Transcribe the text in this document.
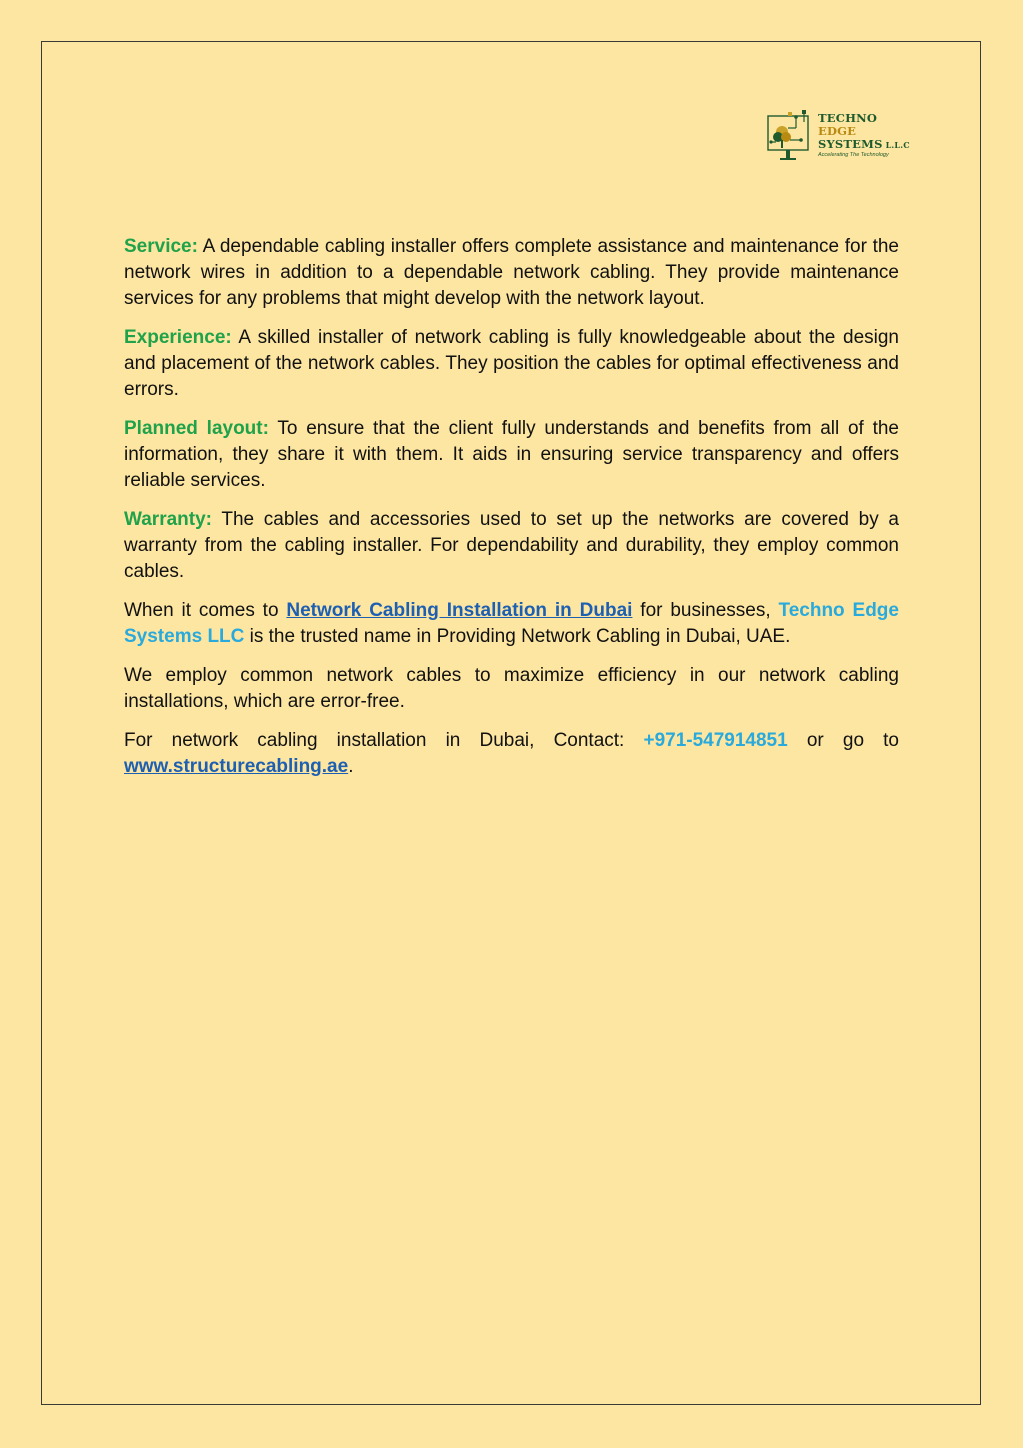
TECHNO
EDGE
SYSTEMS L.L.C
Accelerating The Technology

Service: A dependable cabling installer offers complete assistance and maintenance for the network wires in addition to a dependable network cabling. They provide maintenance services for any problems that might develop with the network layout.

Experience: A skilled installer of network cabling is fully knowledgeable about the design and placement of the network cables. They position the cables for optimal effectiveness and errors.

Planned layout: To ensure that the client fully understands and benefits from all of the information, they share it with them. It aids in ensuring service transparency and offers reliable services.

Warranty: The cables and accessories used to set up the networks are covered by a warranty from the cabling installer. For dependability and durability, they employ common cables.

When it comes to Network Cabling Installation in Dubai for businesses, Techno Edge Systems LLC is the trusted name in Providing Network Cabling in Dubai, UAE.

We employ common network cables to maximize efficiency in our network cabling installations, which are error-free.

For network cabling installation in Dubai, Contact: +971-547914851 or go to www.structurecabling.ae.
